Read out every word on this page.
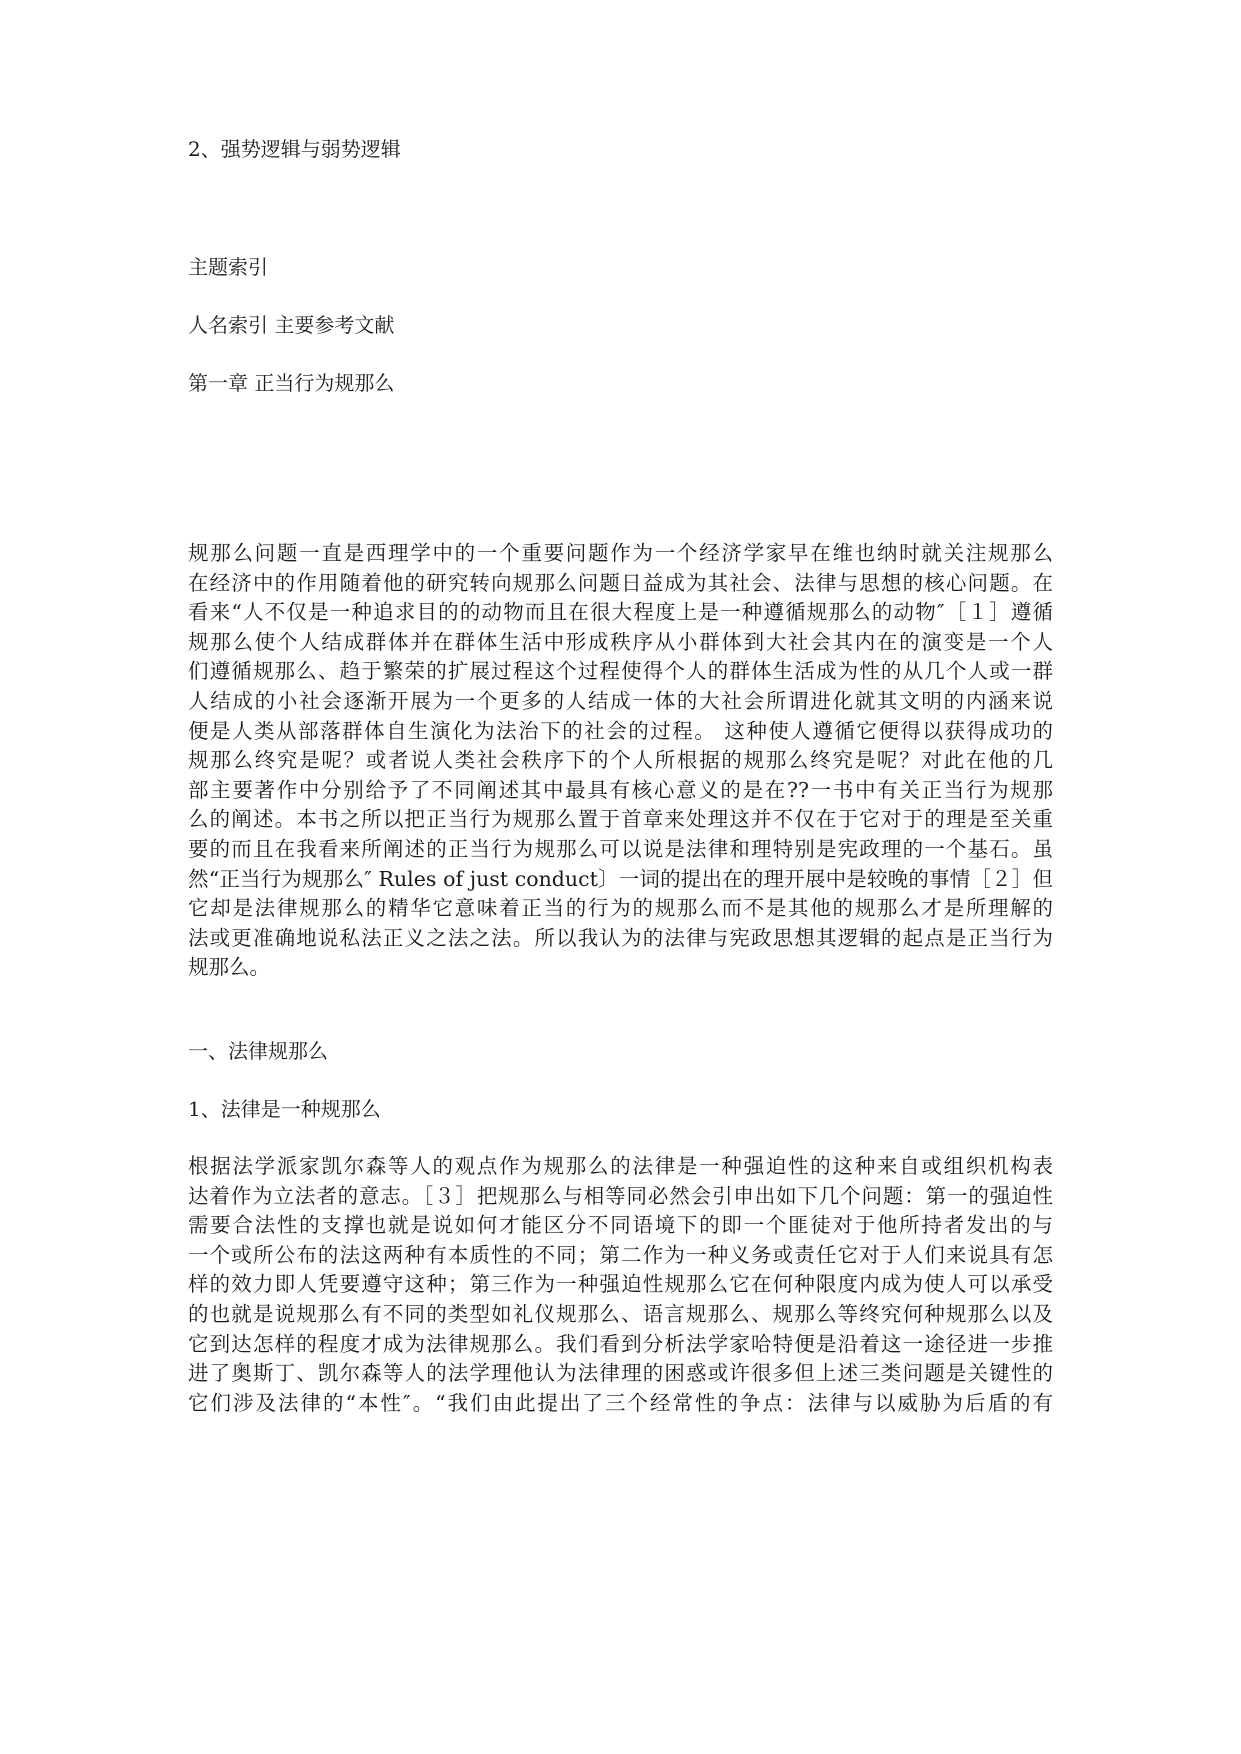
2、强势逻辑与弱势逻辑

主题索引

人名索引 主要参考文献

第一章 正当行为规那么

规那么问题一直是西理学中的一个重要问题作为一个经济学家早在维也纳时就关注规那么
在经济中的作用随着他的研究转向规那么问题日益成为其社会、法律与思想的核心问题。在
看来“人不仅是一种追求目的的动物而且在很大程度上是一种遵循规那么的动物″［１］遵循
规那么使个人结成群体并在群体生活中形成秩序从小群体到大社会其内在的演变是一个人
们遵循规那么、趋于繁荣的扩展过程这个过程使得个人的群体生活成为性的从几个人或一群
人结成的小社会逐渐开展为一个更多的人结成一体的大社会所谓进化就其文明的内涵来说
便是人类从部落群体自生演化为法治下的社会的过程。 这种使人遵循它便得以获得成功的
规那么终究是呢？或者说人类社会秩序下的个人所根据的规那么终究是呢？对此在他的几
部主要著作中分别给予了不同阐述其中最具有核心意义的是在??一书中有关正当行为规那
么的阐述。本书之所以把正当行为规那么置于首章来处理这并不仅在于它对于的理是至关重
要的而且在我看来所阐述的正当行为规那么可以说是法律和理特别是宪政理的一个基石。虽
然“正当行为规那么″ Rules of just conduct〕一词的提出在的理开展中是较晚的事情［２］但
它却是法律规那么的精华它意味着正当的行为的规那么而不是其他的规那么才是所理解的
法或更准确地说私法正义之法之法。所以我认为的法律与宪政思想其逻辑的起点是正当行为
规那么。

一、法律规那么

1、法律是一种规那么

根据法学派家凯尔森等人的观点作为规那么的法律是一种强迫性的这种来自或组织机构表
达着作为立法者的意志。［３］把规那么与相等同必然会引申出如下几个问题：第一的强迫性
需要合法性的支撑也就是说如何才能区分不同语境下的即一个匪徒对于他所持者发出的与
一个或所公布的法这两种有本质性的不同；第二作为一种义务或责任它对于人们来说具有怎
样的效力即人凭要遵守这种；第三作为一种强迫性规那么它在何种限度内成为使人可以承受
的也就是说规那么有不同的类型如礼仪规那么、语言规那么、规那么等终究何种规那么以及
它到达怎样的程度才成为法律规那么。我们看到分析法学家哈特便是沿着这一途径进一步推
进了奥斯丁、凯尔森等人的法学理他认为法律理的困惑或许很多但上述三类问题是关键性的
它们涉及法律的“本性″。“我们由此提出了三个经常性的争点：法律与以威胁为后盾的有
